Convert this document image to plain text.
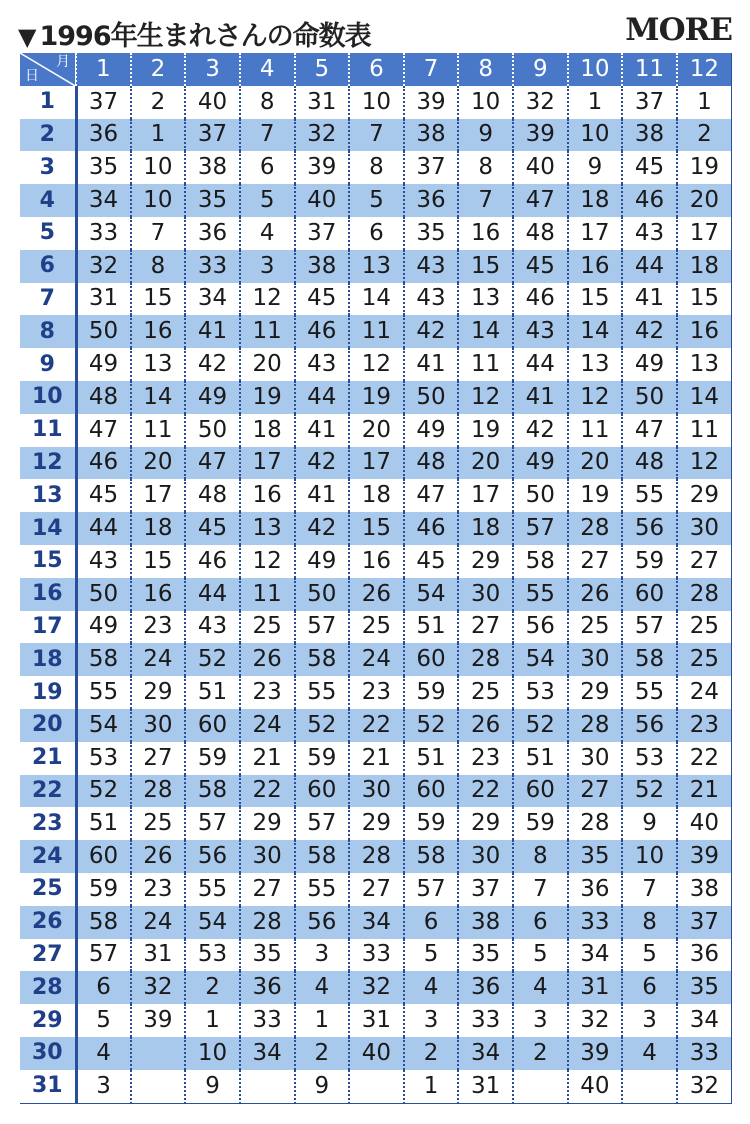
▼ 1996年生まれさんの命数表	MORE
日
月	1	2	3	4	5	6	7	8	9	10	11	12
1	37	2	40	8	31	10	39	10	32	1	37	1
2	36	1	37	7	32	7	38	9	39	10	38	2
3	35	10	38	6	39	8	37	8	40	9	45	19
4	34	10	35	5	40	5	36	7	47	18	46	20
5	33	7	36	4	37	6	35	16	48	17	43	17
6	32	8	33	3	38	13	43	15	45	16	44	18
7	31	15	34	12	45	14	43	13	46	15	41	15
8	50	16	41	11	46	11	42	14	43	14	42	16
9	49	13	42	20	43	12	41	11	44	13	49	13
10	48	14	49	19	44	19	50	12	41	12	50	14
11	47	11	50	18	41	20	49	19	42	11	47	11
12	46	20	47	17	42	17	48	20	49	20	48	12
13	45	17	48	16	41	18	47	17	50	19	55	29
14	44	18	45	13	42	15	46	18	57	28	56	30
15	43	15	46	12	49	16	45	29	58	27	59	27
16	50	16	44	11	50	26	54	30	55	26	60	28
17	49	23	43	25	57	25	51	27	56	25	57	25
18	58	24	52	26	58	24	60	28	54	30	58	25
19	55	29	51	23	55	23	59	25	53	29	55	24
20	54	30	60	24	52	22	52	26	52	28	56	23
21	53	27	59	21	59	21	51	23	51	30	53	22
22	52	28	58	22	60	30	60	22	60	27	52	21
23	51	25	57	29	57	29	59	29	59	28	9	40
24	60	26	56	30	58	28	58	30	8	35	10	39
25	59	23	55	27	55	27	57	37	7	36	7	38
26	58	24	54	28	56	34	6	38	6	33	8	37
27	57	31	53	35	3	33	5	35	5	34	5	36
28	6	32	2	36	4	32	4	36	4	31	6	35
29	5	39	1	33	1	31	3	33	3	32	3	34
30	4		10	34	2	40	2	34	2	39	4	33
31	3		9		9		1	31		40		32
